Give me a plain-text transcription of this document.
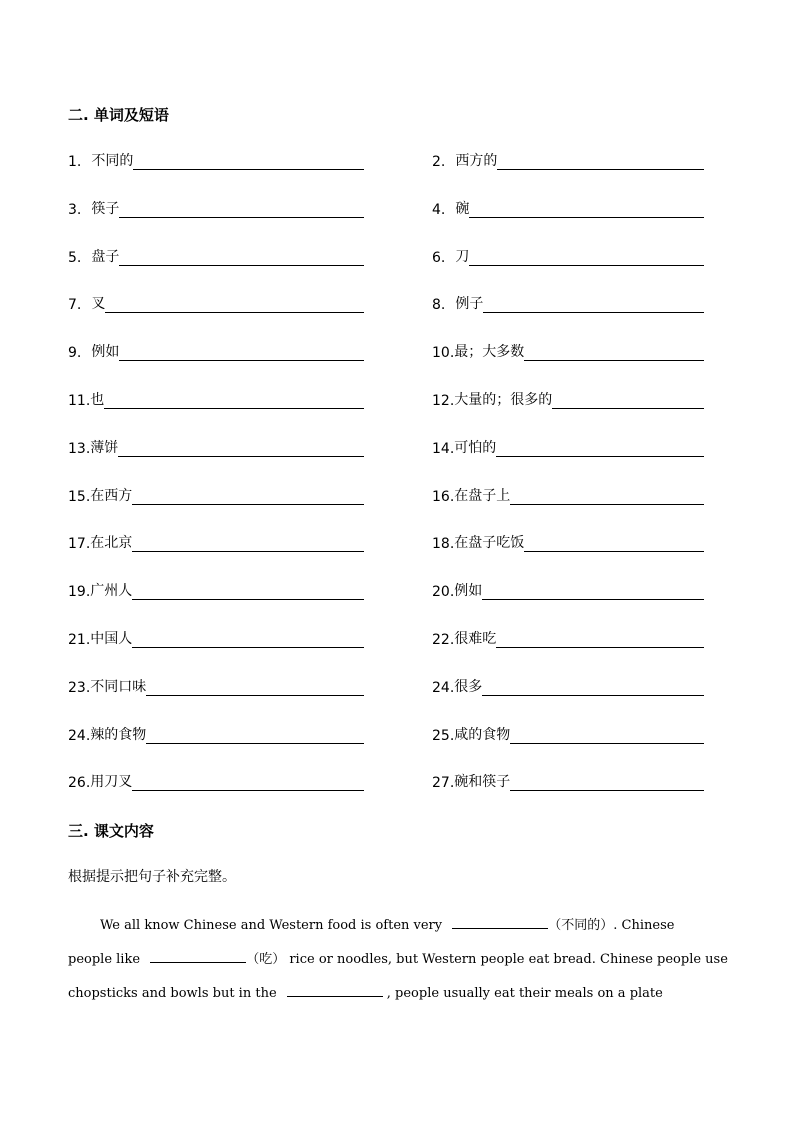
二. 单词及短语
1. 不同的	2. 西方的
3. 筷子	4. 碗
5. 盘子	6. 刀
7. 叉	8. 例子
9. 例如	10. 最；大多数
11. 也	12. 大量的；很多的
13. 薄饼	14. 可怕的
15. 在西方	16. 在盘子上
17. 在北京	18. 在盘子吃饭
19. 广州人	20. 例如
21. 中国人	22. 很难吃
23. 不同口味	24. 很多
24. 辣的食物	25. 咸的食物
26. 用刀叉	27. 碗和筷子
三. 课文内容
根据提示把句子补充完整。
We all know Chinese and Western food is often very	（不同的）. Chinese
people like	（吃） rice or noodles, but Western people eat bread. Chinese people use
chopsticks and bowls but in the	, people usually eat their meals on a plate
